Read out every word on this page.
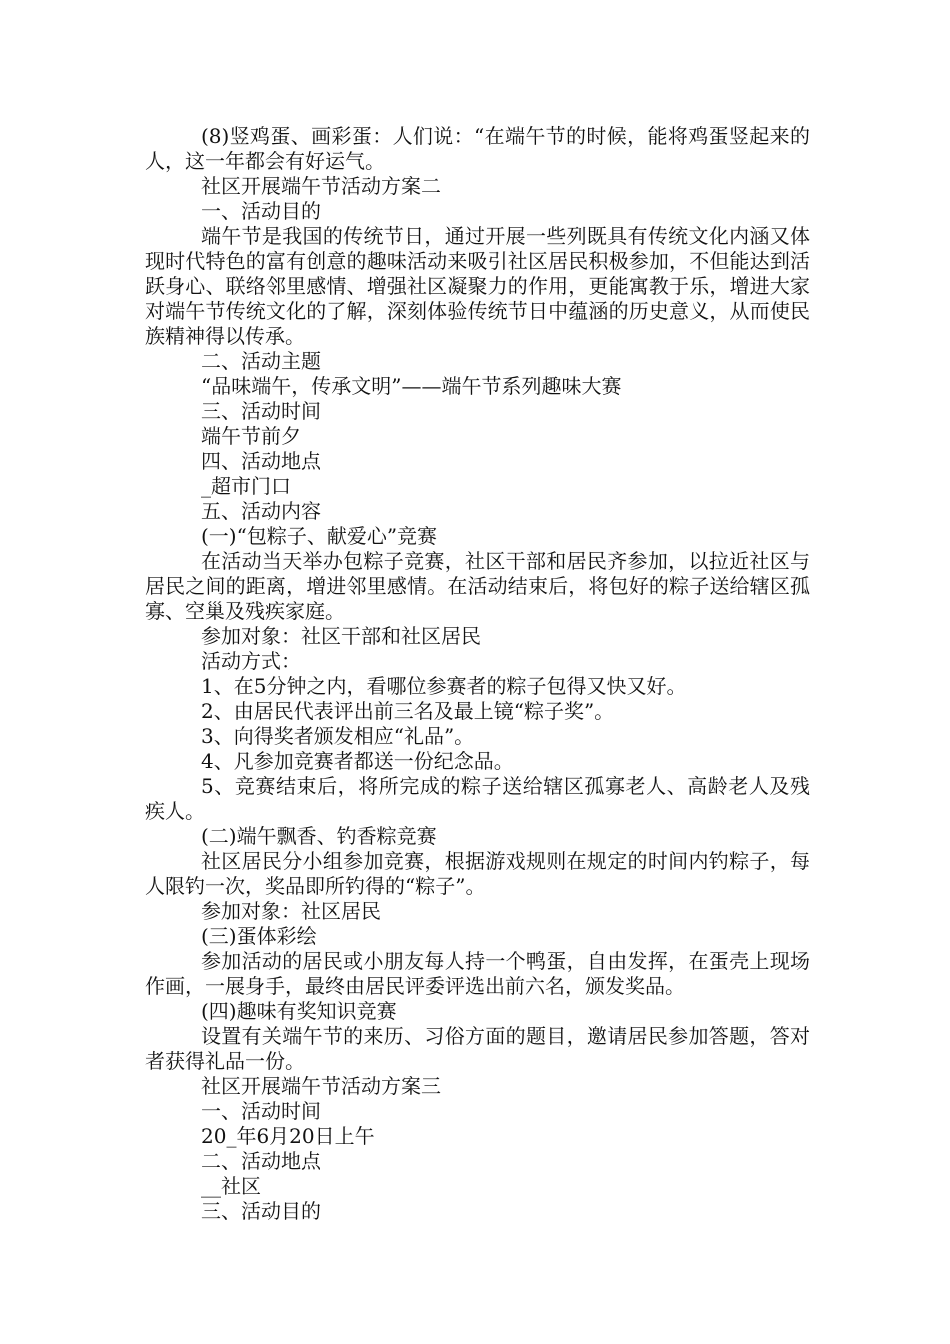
(8)竖鸡蛋、画彩蛋：人们说：“在端午节的时候，能将鸡蛋竖起来的人，这一年都会有好运气。

社区开展端午节活动方案二

一、活动目的

端午节是我国的传统节日，通过开展一些列既具有传统文化内涵又体现时代特色的富有创意的趣味活动来吸引社区居民积极参加，不但能达到活跃身心、联络邻里感情、增强社区凝聚力的作用，更能寓教于乐，增进大家对端午节传统文化的了解，深刻体验传统节日中蕴涵的历史意义，从而使民族精神得以传承。

二、活动主题

“品味端午，传承文明”——端午节系列趣味大赛

三、活动时间

端午节前夕

四、活动地点

_超市门口

五、活动内容

(一)“包粽子、献爱心”竞赛

在活动当天举办包粽子竞赛，社区干部和居民齐参加，以拉近社区与居民之间的距离，增进邻里感情。在活动结束后，将包好的粽子送给辖区孤寡、空巢及残疾家庭。

参加对象：社区干部和社区居民

活动方式：

1、在5分钟之内，看哪位参赛者的粽子包得又快又好。

2、由居民代表评出前三名及最上镜“粽子奖”。

3、向得奖者颁发相应“礼品”。

4、凡参加竞赛者都送一份纪念品。

5、竞赛结束后，将所完成的粽子送给辖区孤寡老人、高龄老人及残疾人。

(二)端午飘香、钓香粽竞赛

社区居民分小组参加竞赛，根据游戏规则在规定的时间内钓粽子，每人限钓一次，奖品即所钓得的“粽子”。

参加对象：社区居民

(三)蛋体彩绘

参加活动的居民或小朋友每人持一个鸭蛋，自由发挥，在蛋壳上现场作画，一展身手，最终由居民评委评选出前六名，颁发奖品。

(四)趣味有奖知识竞赛

设置有关端午节的来历、习俗方面的题目，邀请居民参加答题，答对者获得礼品一份。

社区开展端午节活动方案三

一、活动时间

20_年6月20日上午

二、活动地点

__社区

三、活动目的
